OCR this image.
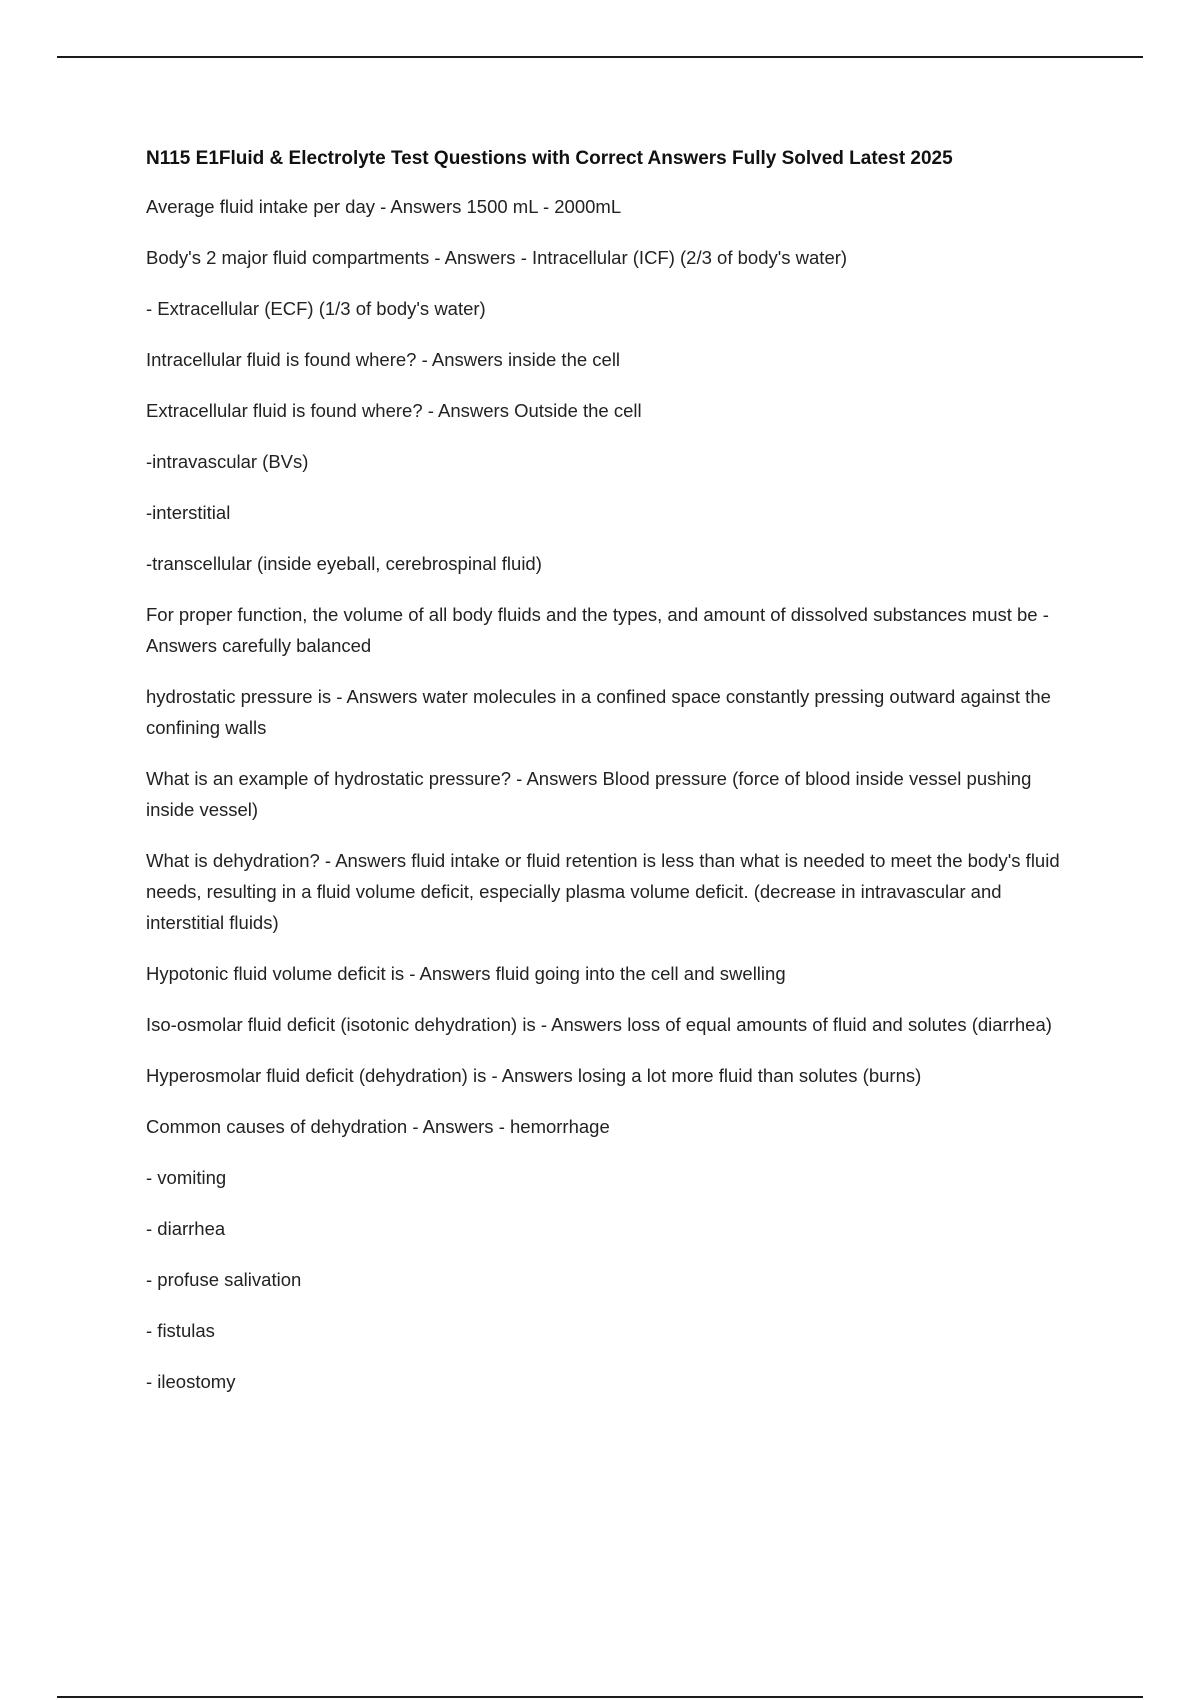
N115 E1Fluid & Electrolyte Test Questions with Correct Answers Fully Solved Latest 2025

Average fluid intake per day - Answers 1500 mL - 2000mL

Body's 2 major fluid compartments - Answers - Intracellular (ICF) (2/3 of body's water)

- Extracellular (ECF) (1/3 of body's water)

Intracellular fluid is found where? - Answers inside the cell

Extracellular fluid is found where? - Answers Outside the cell

-intravascular (BVs)

-interstitial

-transcellular (inside eyeball, cerebrospinal fluid)

For proper function, the volume of all body fluids and the types, and amount of dissolved substances must be - Answers carefully balanced

hydrostatic pressure is - Answers water molecules in a confined space constantly pressing outward against the confining walls

What is an example of hydrostatic pressure? - Answers Blood pressure (force of blood inside vessel pushing inside vessel)

What is dehydration? - Answers fluid intake or fluid retention is less than what is needed to meet the body's fluid needs, resulting in a fluid volume deficit, especially plasma volume deficit. (decrease in intravascular and interstitial fluids)

Hypotonic fluid volume deficit is - Answers fluid going into the cell and swelling

Iso-osmolar fluid deficit (isotonic dehydration) is - Answers loss of equal amounts of fluid and solutes (diarrhea)

Hyperosmolar fluid deficit (dehydration) is - Answers losing a lot more fluid than solutes (burns)

Common causes of dehydration - Answers - hemorrhage

- vomiting

- diarrhea

- profuse salivation

- fistulas

- ileostomy
